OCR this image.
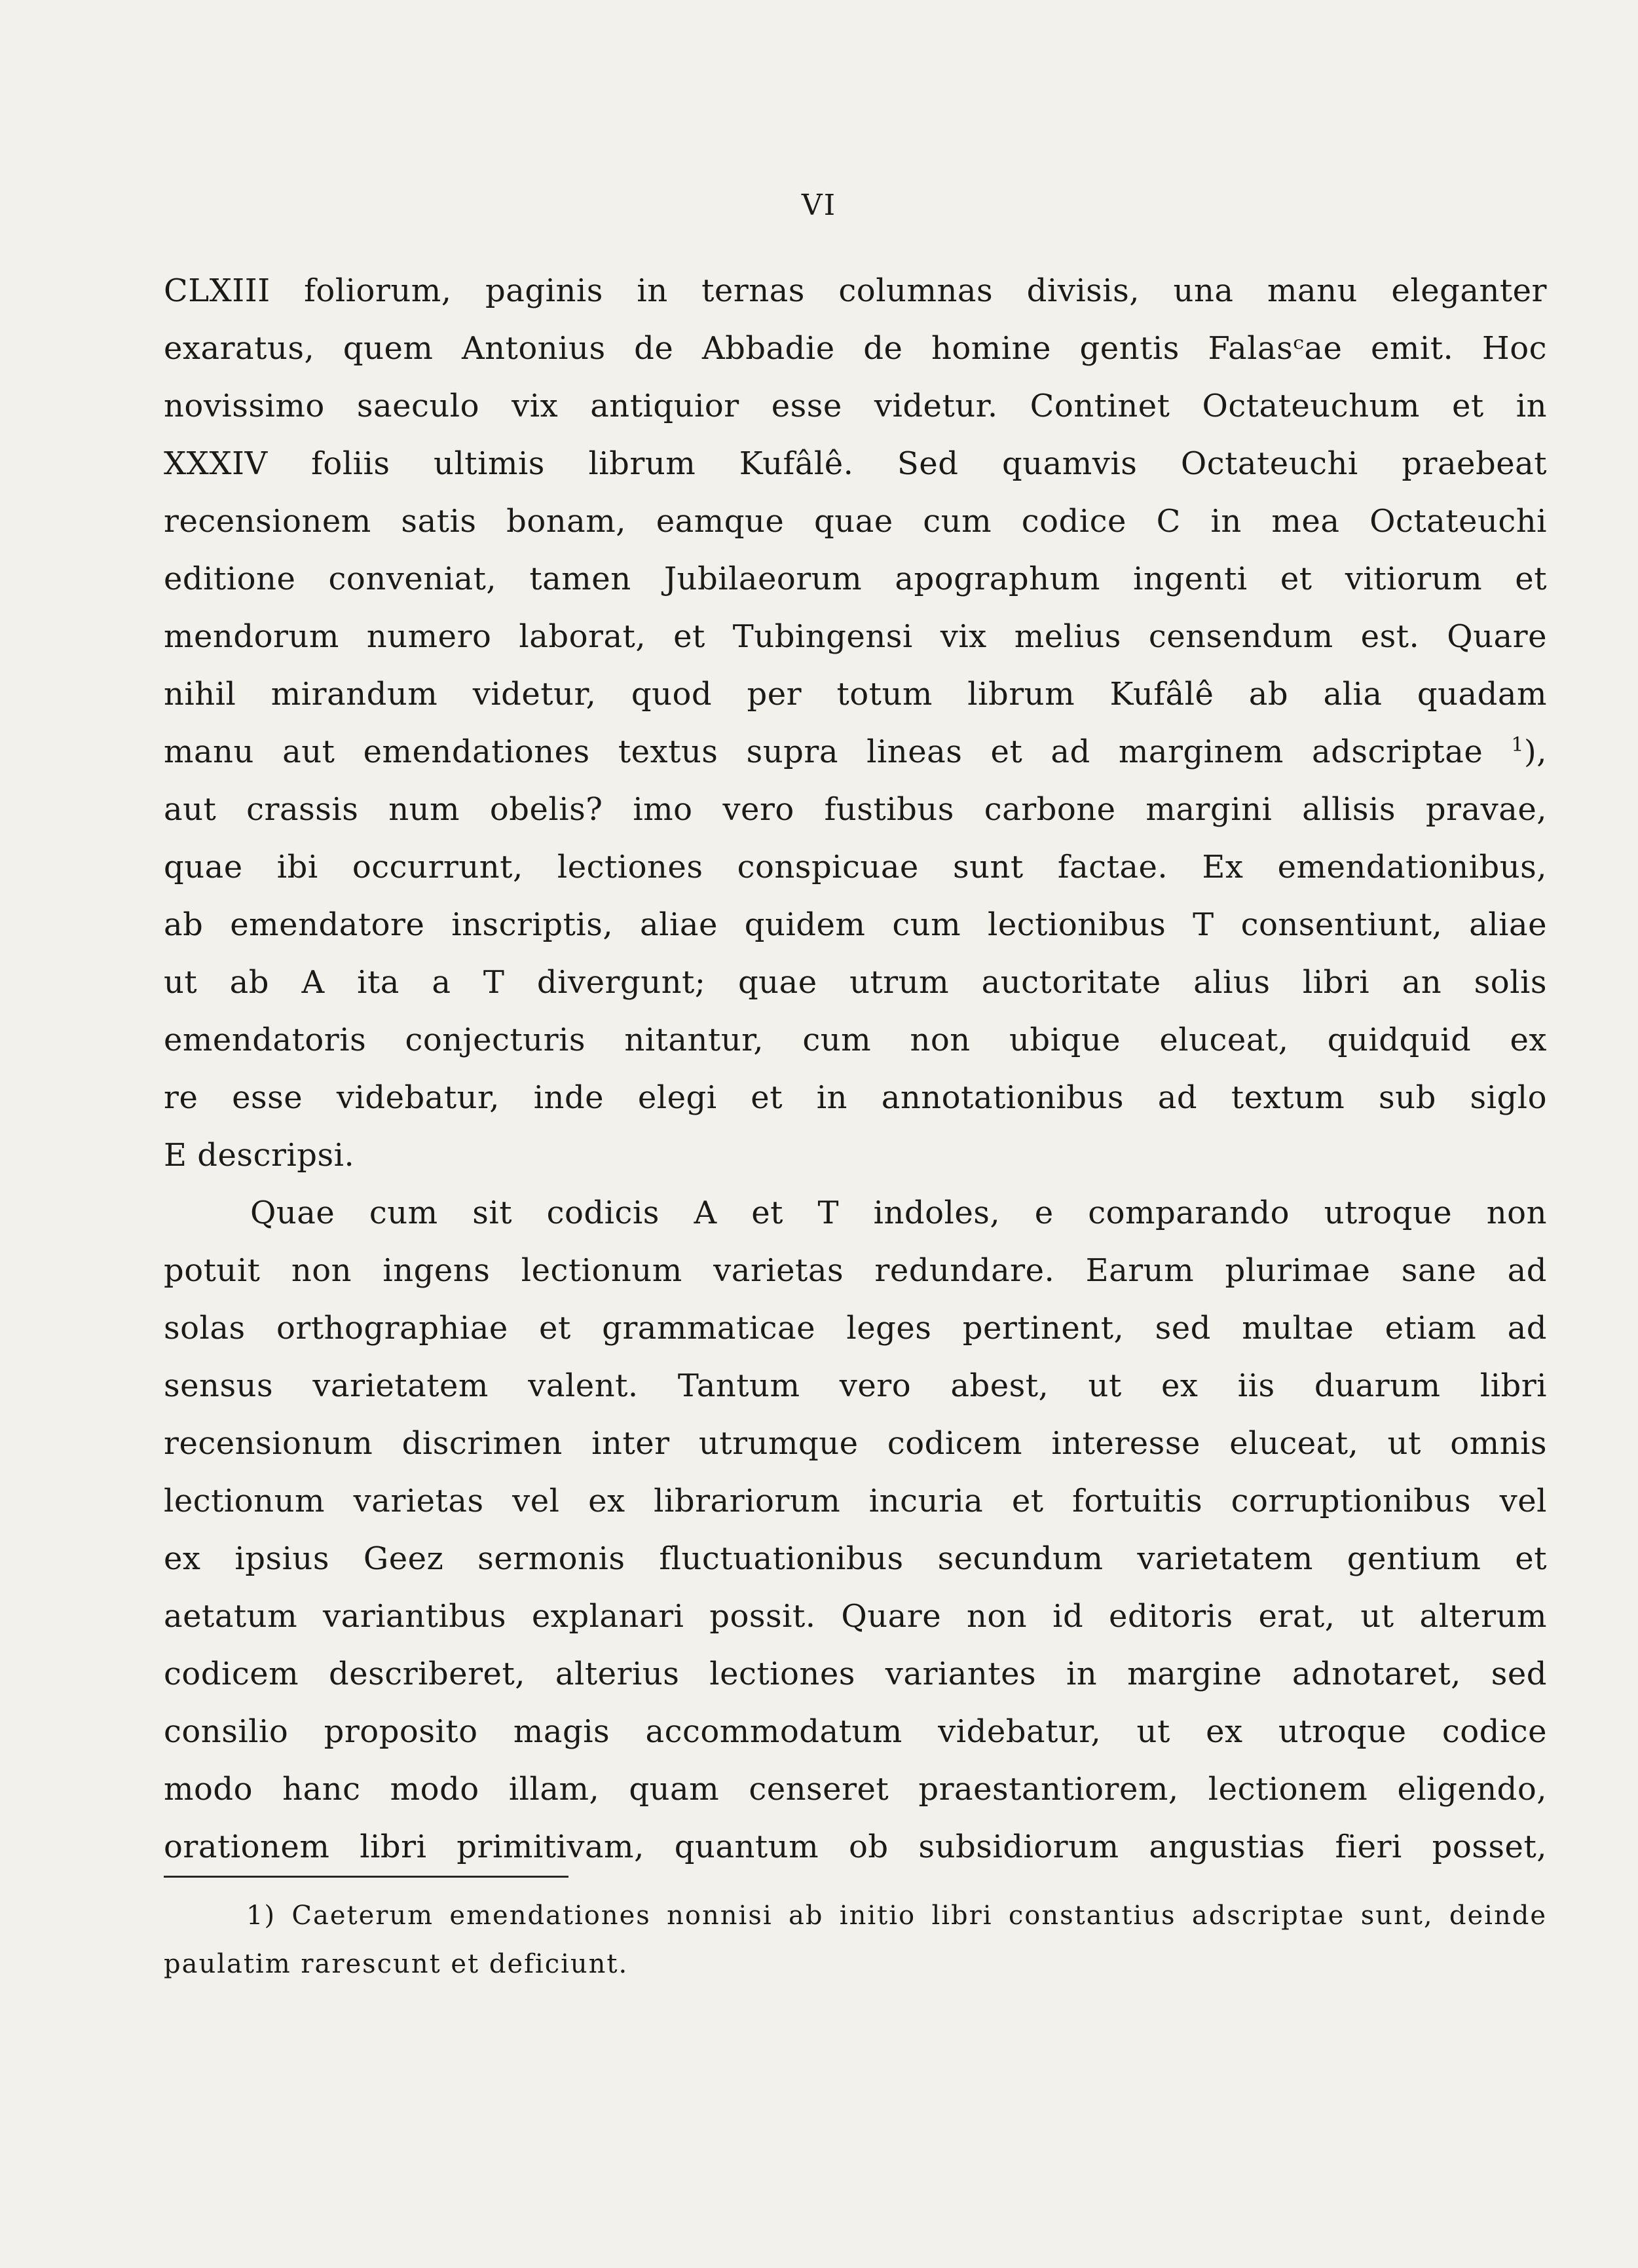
VI
CLXIII foliorum, paginis in ternas columnas divisis, una manu eleganter
exaratus, quem Antonius de Abbadie de homine gentis Falasᶜae emit. Hoc
novissimo saeculo vix antiquior esse videtur. Continet Octateuchum et in
XXXIV foliis ultimis librum Kufâlê. Sed quamvis Octateuchi praebeat
recensionem satis bonam, eamque quae cum codice C in mea Octateuchi
editione conveniat, tamen Jubilaeorum apographum ingenti et vitiorum et
mendorum numero laborat, et Tubingensi vix melius censendum est. Quare
nihil mirandum videtur, quod per totum librum Kufâlê ab alia quadam
manu aut emendationes textus supra lineas et ad marginem adscriptae $^1$),
aut crassis num obelis? imo vero fustibus carbone margini allisis pravae,
quae ibi occurrunt, lectiones conspicuae sunt factae. Ex emendationibus,
ab emendatore inscriptis, aliae quidem cum lectionibus T consentiunt, aliae
ut ab A ita a T divergunt; quae utrum auctoritate alius libri an solis
emendatoris conjecturis nitantur, cum non ubique eluceat, quidquid ex
re esse videbatur, inde elegi et in annotationibus ad textum sub siglo
E descripsi.
Quae cum sit codicis A et T indoles, e comparando utroque non
potuit non ingens lectionum varietas redundare. Earum plurimae sane ad
solas orthographiae et grammaticae leges pertinent, sed multae etiam ad
sensus varietatem valent. Tantum vero abest, ut ex iis duarum libri
recensionum discrimen inter utrumque codicem interesse eluceat, ut omnis
lectionum varietas vel ex librariorum incuria et fortuitis corruptionibus vel
ex ipsius Geez sermonis fluctuationibus secundum varietatem gentium et
aetatum variantibus explanari possit. Quare non id editoris erat, ut alterum
codicem describeret, alterius lectiones variantes in margine adnotaret, sed
consilio proposito magis accommodatum videbatur, ut ex utroque codice
modo hanc modo illam, quam censeret praestantiorem, lectionem eligendo,
orationem libri primitivam, quantum ob subsidiorum angustias fieri posset,
1) Caeterum emendationes nonnisi ab initio libri constantius adscriptae sunt, deinde
paulatim rarescunt et deficiunt.
